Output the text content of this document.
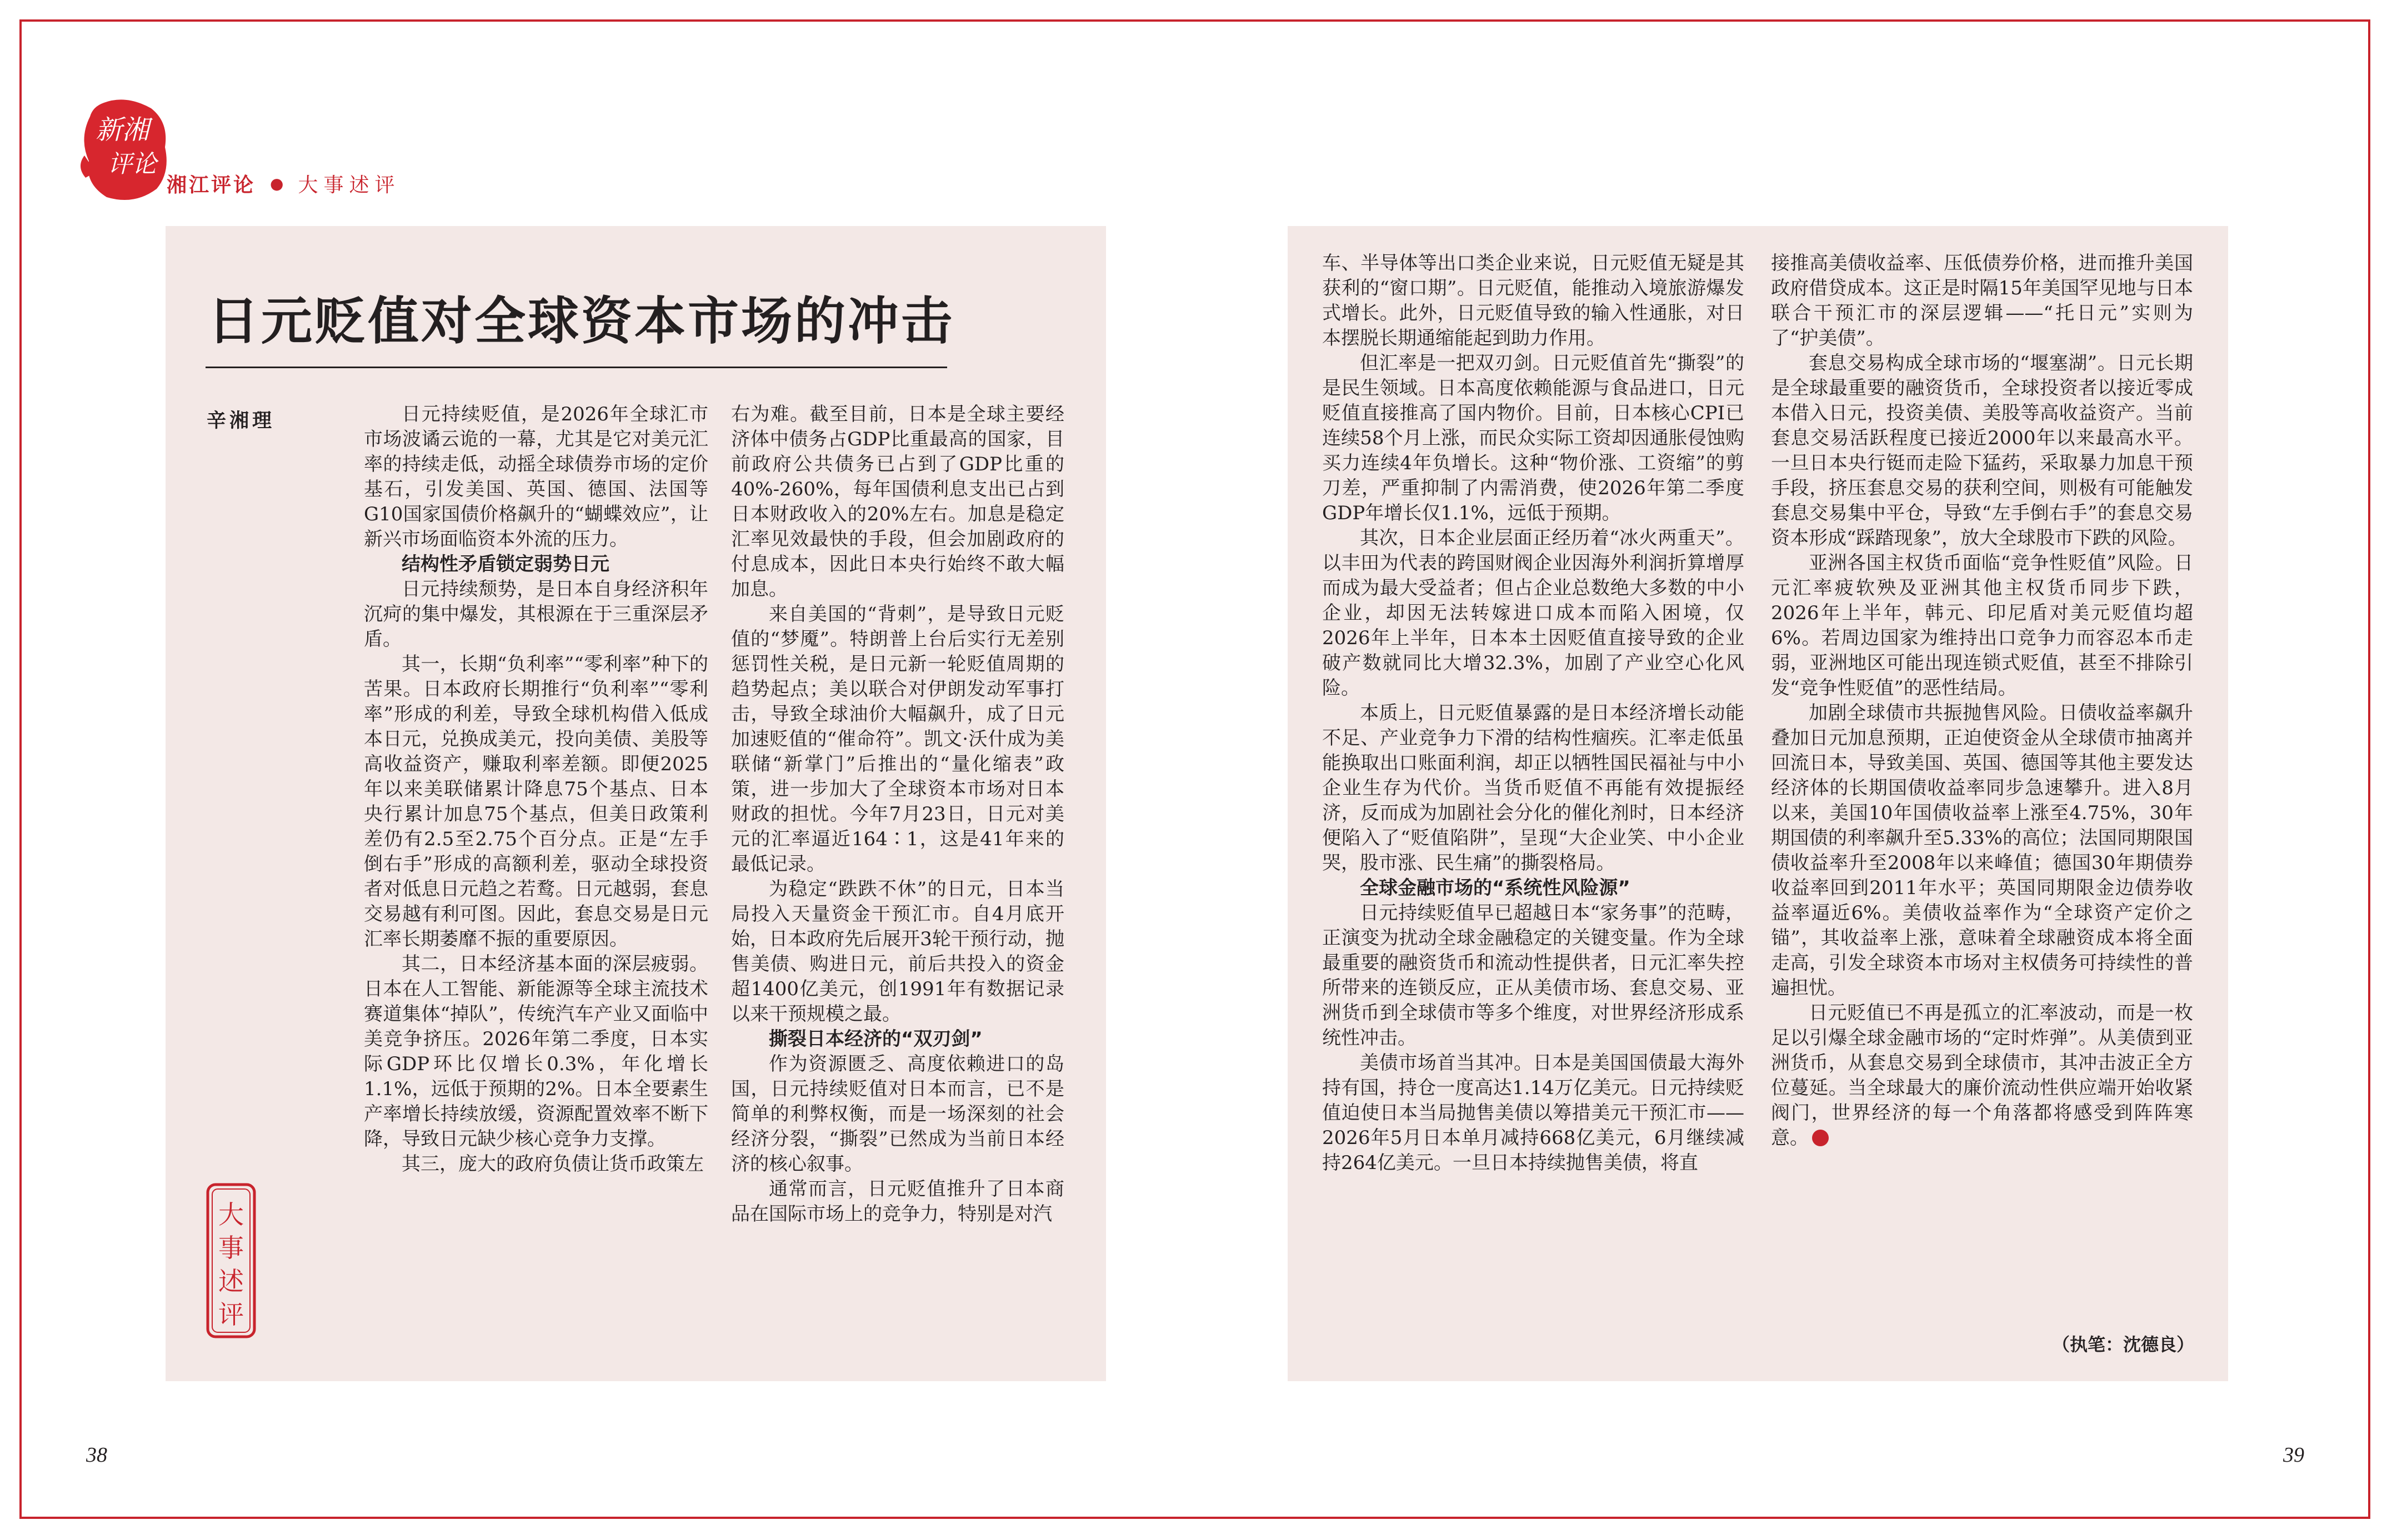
新湘
评论
湘江评论 ● 大事述评
日元贬值对全球资本市场的冲击
辛湘理	日元持续贬值，是2026年全球汇市市场波谲云诡的一幕，尤其是它对美元汇率的持续走低，动摇全球债券市场的定价基石，引发美国、英国、德国、法国等G10国家国债价格飙升的“蝴蝶效应”，让新兴市场面临资本外流的压力。

结构性矛盾锁定弱势日元

日元持续颓势，是日本自身经济积年沉疴的集中爆发，其根源在于三重深层矛盾。

其一，长期“负利率”“零利率”种下的苦果。日本政府长期推行“负利率”“零利率”形成的利差，导致全球机构借入低成本日元，兑换成美元，投向美债、美股等高收益资产，赚取利率差额。即便2025年以来美联储累计降息75个基点、日本央行累计加息75个基点，但美日政策利差仍有2.5至2.75个百分点。正是“左手倒右手”形成的高额利差，驱动全球投资者对低息日元趋之若鹜。日元越弱，套息交易越有利可图。因此，套息交易是日元汇率长期萎靡不振的重要原因。

其二，日本经济基本面的深层疲弱。日本在人工智能、新能源等全球主流技术赛道集体“掉队”，传统汽车产业又面临中美竞争挤压。2026年第二季度，日本实际GDP环比仅增长0.3%，年化增长1.1%，远低于预期的2%。日本全要素生产率增长持续放缓，资源配置效率不断下降，导致日元缺少核心竞争力支撑。

其三，庞大的政府负债让货币政策左

右为难。截至目前，日本是全球主要经济体中债务占GDP比重最高的国家，目前政府公共债务已占到了GDP比重的40%-260%，每年国债利息支出已占到日本财政收入的20%左右。加息是稳定汇率见效最快的手段，但会加剧政府的付息成本，因此日本央行始终不敢大幅加息。

来自美国的“背刺”，是导致日元贬值的“梦魇”。特朗普上台后实行无差别惩罚性关税，是日元新一轮贬值周期的趋势起点；美以联合对伊朗发动军事打击，导致全球油价大幅飙升，成了日元加速贬值的“催命符”。凯文·沃什成为美联储“新掌门”后推出的“量化缩表”政策，进一步加大了全球资本市场对日本财政的担忧。今年7月23日，日元对美元的汇率逼近164∶1，这是41年来的最低记录。

为稳定“跌跌不休”的日元，日本当局投入天量资金干预汇市。自4月底开始，日本政府先后展开3轮干预行动，抛售美债、购进日元，前后共投入的资金超1400亿美元，创1991年有数据记录以来干预规模之最。

撕裂日本经济的“双刃剑”

作为资源匮乏、高度依赖进口的岛国，日元持续贬值对日本而言，已不是简单的利弊权衡，而是一场深刻的社会经济分裂，“撕裂”已然成为当前日本经济的核心叙事。

通常而言，日元贬值推升了日本商品在国际市场上的竞争力，特别是对汽

车、半导体等出口类企业来说，日元贬值无疑是其获利的“窗口期”。日元贬值，能推动入境旅游爆发式增长。此外，日元贬值导致的输入性通胀，对日本摆脱长期通缩能起到助力作用。

但汇率是一把双刃剑。日元贬值首先“撕裂”的是民生领域。日本高度依赖能源与食品进口，日元贬值直接推高了国内物价。目前，日本核心CPI已连续58个月上涨，而民众实际工资却因通胀侵蚀购买力连续4年负增长。这种“物价涨、工资缩”的剪刀差，严重抑制了内需消费，使2026年第二季度GDP年增长仅1.1%，远低于预期。

其次，日本企业层面正经历着“冰火两重天”。以丰田为代表的跨国财阀企业因海外利润折算增厚而成为最大受益者；但占企业总数绝大多数的中小企业，却因无法转嫁进口成本而陷入困境，仅2026年上半年，日本本土因贬值直接导致的企业破产数就同比大增32.3%，加剧了产业空心化风险。

本质上，日元贬值暴露的是日本经济增长动能不足、产业竞争力下滑的结构性痼疾。汇率走低虽能换取出口账面利润，却正以牺牲国民福祉与中小企业生存为代价。当货币贬值不再能有效提振经济，反而成为加剧社会分化的催化剂时，日本经济便陷入了“贬值陷阱”，呈现“大企业笑、中小企业哭，股市涨、民生痛”的撕裂格局。

全球金融市场的“系统性风险源”

日元持续贬值早已超越日本“家务事”的范畴，正演变为扰动全球金融稳定的关键变量。作为全球最重要的融资货币和流动性提供者，日元汇率失控所带来的连锁反应，正从美债市场、套息交易、亚洲货币到全球债市等多个维度，对世界经济形成系统性冲击。

美债市场首当其冲。日本是美国国债最大海外持有国，持仓一度高达1.14万亿美元。日元持续贬值迫使日本当局抛售美债以筹措美元干预汇市——2026年5月日本单月减持668亿美元，6月继续减持264亿美元。一旦日本持续抛售美债，将直

接推高美债收益率、压低债券价格，进而推升美国政府借贷成本。这正是时隔15年美国罕见地与日本联合干预汇市的深层逻辑——“托日元”实则为了“护美债”。

套息交易构成全球市场的“堰塞湖”。日元长期是全球最重要的融资货币，全球投资者以接近零成本借入日元，投资美债、美股等高收益资产。当前套息交易活跃程度已接近2000年以来最高水平。一旦日本央行铤而走险下猛药，采取暴力加息干预手段，挤压套息交易的获利空间，则极有可能触发套息交易集中平仓，导致“左手倒右手”的套息交易资本形成“踩踏现象”，放大全球股市下跌的风险。

亚洲各国主权货币面临“竞争性贬值”风险。日元汇率疲软殃及亚洲其他主权货币同步下跌，2026年上半年，韩元、印尼盾对美元贬值均超6%。若周边国家为维持出口竞争力而容忍本币走弱，亚洲地区可能出现连锁式贬值，甚至不排除引发“竞争性贬值”的恶性结局。

加剧全球债市共振抛售风险。日债收益率飙升叠加日元加息预期，正迫使资金从全球债市抽离并回流日本，导致美国、英国、德国等其他主要发达经济体的长期国债收益率同步急速攀升。进入8月以来，美国10年国债收益率上涨至4.75%，30年期国债的利率飙升至5.33%的高位；法国同期限国债收益率升至2008年以来峰值；德国30年期债券收益率回到2011年水平；英国同期限金边债券收益率逼近6%。美债收益率作为“全球资产定价之锚”，其收益率上涨，意味着全球融资成本将全面走高，引发全球资本市场对主权债务可持续性的普遍担忧。

日元贬值已不再是孤立的汇率波动，而是一枚足以引爆全球金融市场的“定时炸弹”。从美债到亚洲货币，从套息交易到全球债市，其冲击波正全方位蔓延。当全球最大的廉价流动性供应端开始收紧阀门，世界经济的每一个角落都将感受到阵阵寒意。

（执笔：沈德良）
大
事
述
评
38	39
